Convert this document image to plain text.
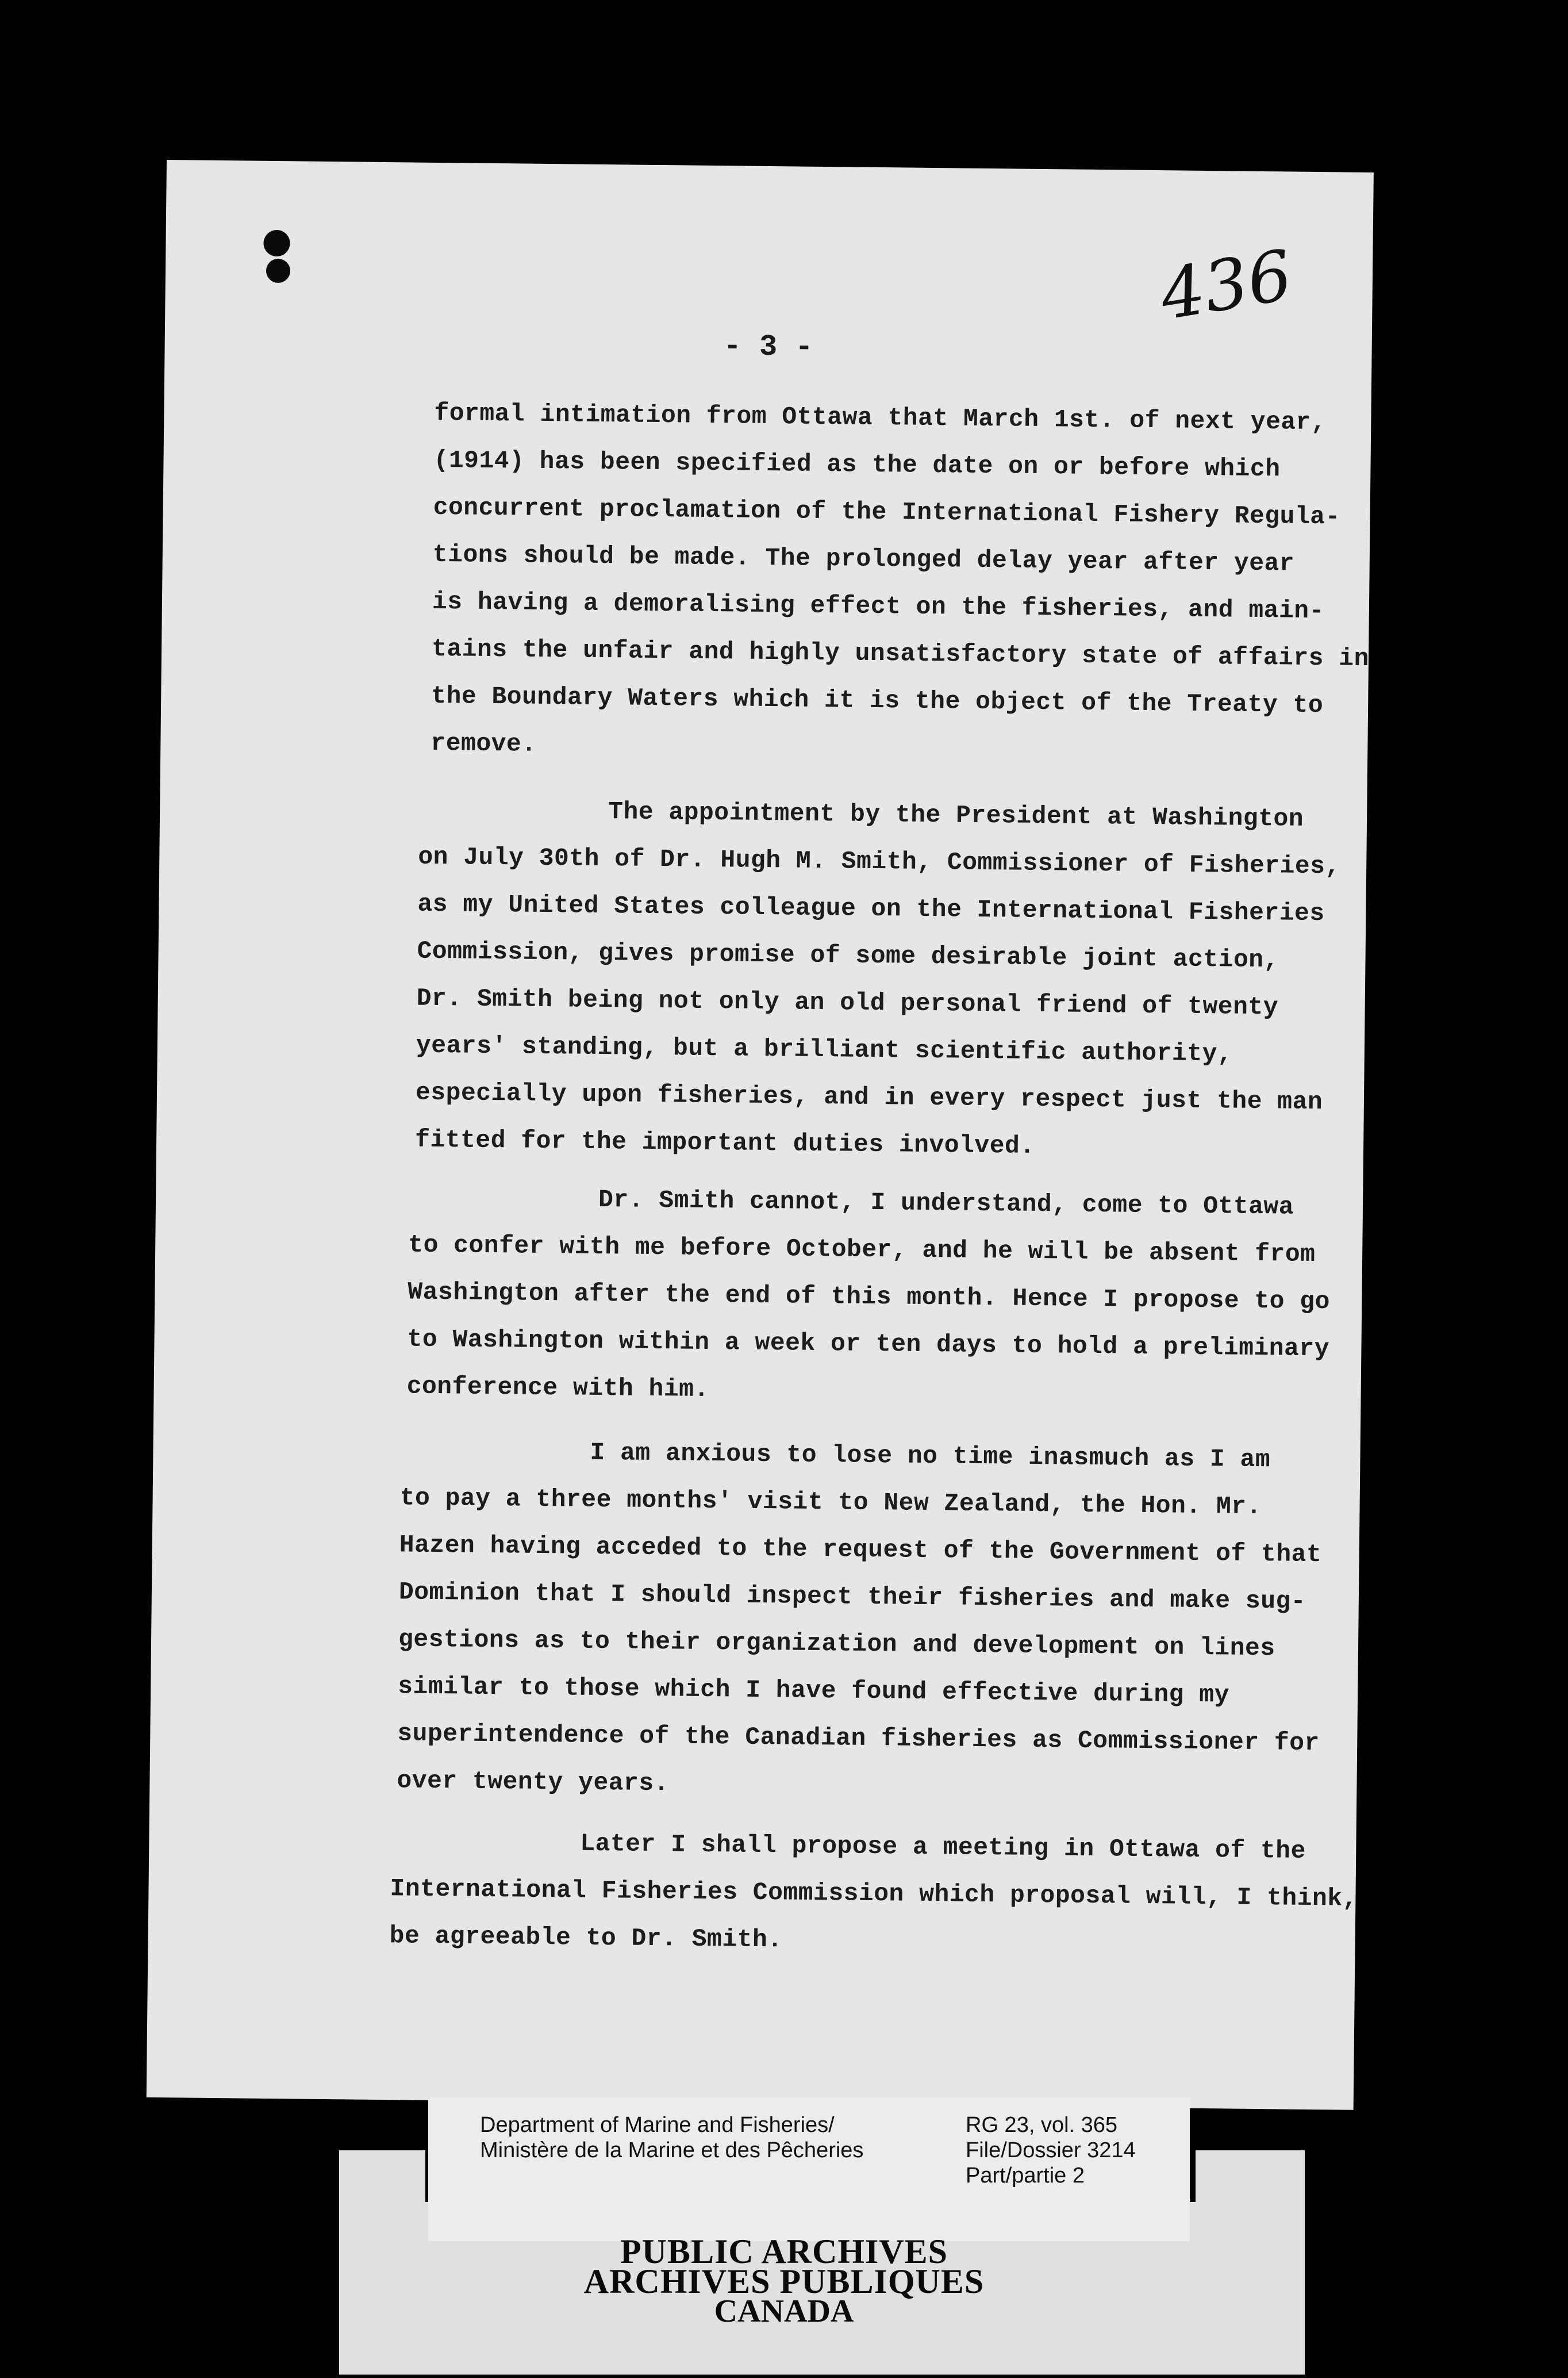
436
- 3 -

formal intimation from Ottawa that March 1st. of next year,
(1914) has been specified as the date on or before which
concurrent proclamation of the International Fishery Regula-
tions should be made. The prolonged delay year after year
is having a demoralising effect on the fisheries, and main-
tains the unfair and highly unsatisfactory state of affairs in
the Boundary Waters which it is the object of the Treaty to
remove.

The appointment by the President at Washington
on July 30th of Dr. Hugh M. Smith, Commissioner of Fisheries,
as my United States colleague on the International Fisheries
Commission, gives promise of some desirable joint action,
Dr. Smith being not only an old personal friend of twenty
years' standing, but a brilliant scientific authority,
especially upon fisheries, and in every respect just the man
fitted for the important duties involved.

Dr. Smith cannot, I understand, come to Ottawa
to confer with me before October, and he will be absent from
Washington after the end of this month. Hence I propose to go
to Washington within a week or ten days to hold a preliminary
conference with him.

I am anxious to lose no time inasmuch as I am
to pay a three months' visit to New Zealand, the Hon. Mr.
Hazen having acceded to the request of the Government of that
Dominion that I should inspect their fisheries and make sug-
gestions as to their organization and development on lines
similar to those which I have found effective during my
superintendence of the Canadian fisheries as Commissioner for
over twenty years.

Later I shall propose a meeting in Ottawa of the
International Fisheries Commission which proposal will, I think,
be agreeable to Dr. Smith.

Department of Marine and Fisheries/
Ministère de la Marine et des Pêcheries
RG 23, vol. 365
File/Dossier 3214
Part/partie 2
PUBLIC ARCHIVES
ARCHIVES PUBLIQUES
CANADA
